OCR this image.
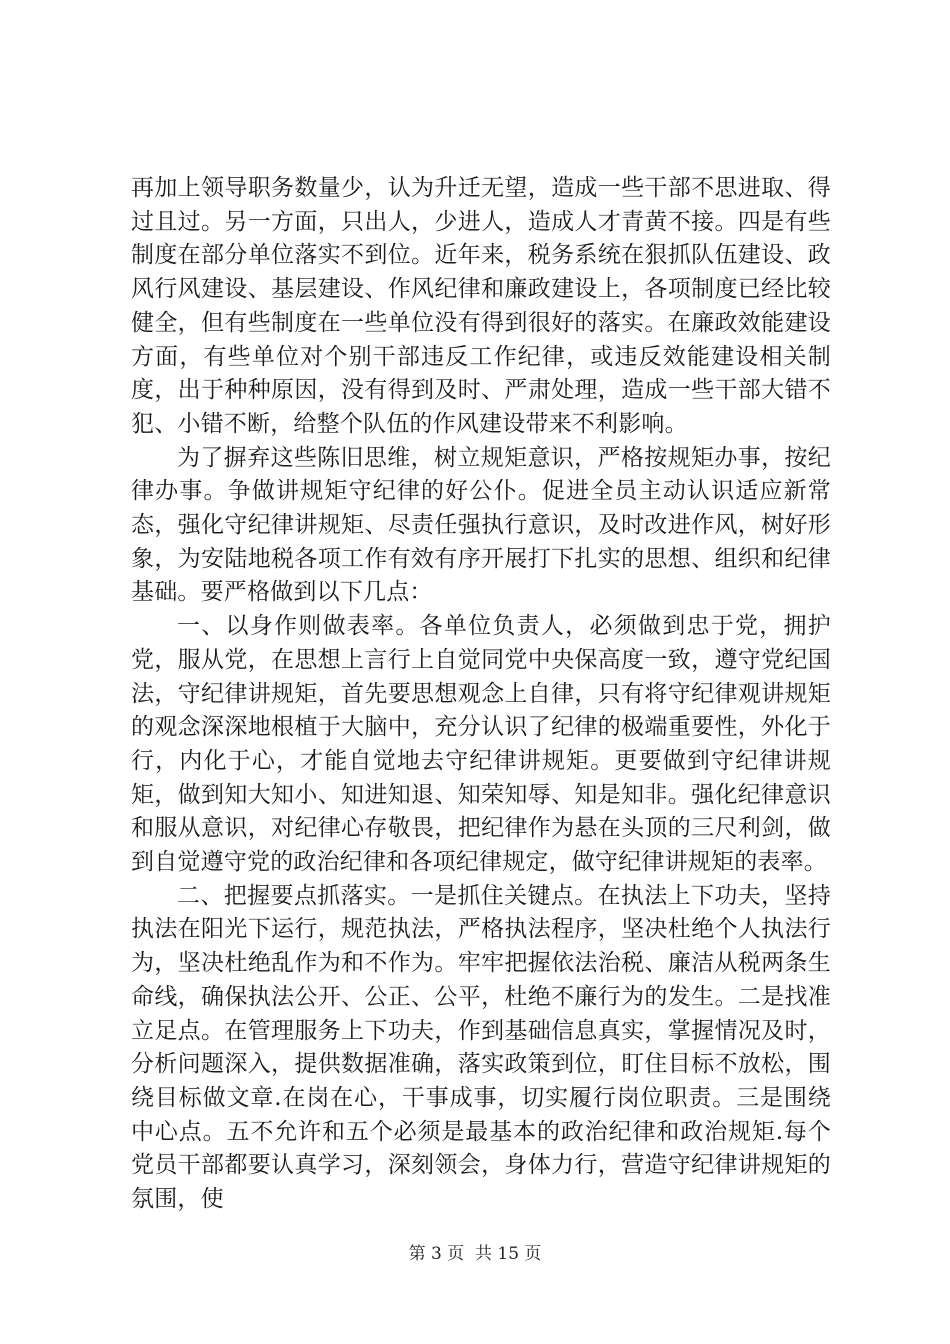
再加上领导职务数量少，认为升迁无望，造成一些干部不思进取、得过且过。另一方面，只出人，少进人，造成人才青黄不接。四是有些制度在部分单位落实不到位。近年来，税务系统在狠抓队伍建设、政风行风建设、基层建设、作风纪律和廉政建设上，各项制度已经比较健全，但有些制度在一些单位没有得到很好的落实。在廉政效能建设方面，有些单位对个别干部违反工作纪律，或违反效能建设相关制度，出于种种原因，没有得到及时、严肃处理，造成一些干部大错不犯、小错不断，给整个队伍的作风建设带来不利影响。

为了摒弃这些陈旧思维，树立规矩意识，严格按规矩办事，按纪律办事。争做讲规矩守纪律的好公仆。促进全员主动认识适应新常态，强化守纪律讲规矩、尽责任强执行意识，及时改进作风，树好形象，为安陆地税各项工作有效有序开展打下扎实的思想、组织和纪律基础。要严格做到以下几点：

一、以身作则做表率。各单位负责人，必须做到忠于党，拥护党，服从党，在思想上言行上自觉同党中央保高度一致，遵守党纪国法，守纪律讲规矩，首先要思想观念上自律，只有将守纪律观讲规矩的观念深深地根植于大脑中，充分认识了纪律的极端重要性，外化于行，内化于心，才能自觉地去守纪律讲规矩。更要做到守纪律讲规矩，做到知大知小、知进知退、知荣知辱、知是知非。强化纪律意识和服从意识，对纪律心存敬畏，把纪律作为悬在头顶的三尺利剑，做到自觉遵守党的政治纪律和各项纪律规定，做守纪律讲规矩的表率。

二、把握要点抓落实。一是抓住关键点。在执法上下功夫，坚持执法在阳光下运行，规范执法，严格执法程序，坚决杜绝个人执法行为，坚决杜绝乱作为和不作为。牢牢把握依法治税、廉洁从税两条生命线，确保执法公开、公正、公平，杜绝不廉行为的发生。二是找准立足点。在管理服务上下功夫，作到基础信息真实，掌握情况及时，分析问题深入，提供数据准确，落实政策到位，盯住目标不放松，围绕目标做文章.在岗在心，干事成事，切实履行岗位职责。三是围绕中心点。五不允许和五个必须是最基本的政治纪律和政治规矩.每个党员干部都要认真学习，深刻领会，身体力行，营造守纪律讲规矩的氛围，使

第 3 页  共 15 页
